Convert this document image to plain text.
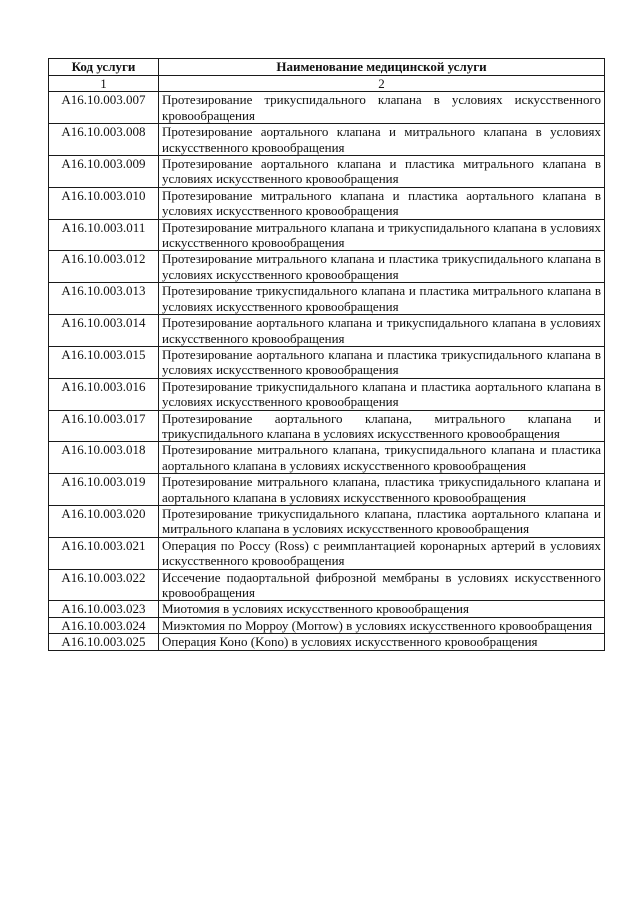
Код услуги	Наименование медицинской услуги
1	2
A16.10.003.007	Протезирование трикуспидального клапана в условиях искусственного кровообращения
A16.10.003.008	Протезирование аортального клапана и митрального клапана в условиях искусственного кровообращения
A16.10.003.009	Протезирование аортального клапана и пластика митрального клапана в условиях искусственного кровообращения
A16.10.003.010	Протезирование митрального клапана и пластика аортального клапана в условиях искусственного кровообращения
A16.10.003.011	Протезирование митрального клапана и трикуспидального клапана в условиях искусственного кровообращения
A16.10.003.012	Протезирование митрального клапана и пластика трикуспидального клапана в условиях искусственного кровообращения
A16.10.003.013	Протезирование трикуспидального клапана и пластика митрального клапана в условиях искусственного кровообращения
A16.10.003.014	Протезирование аортального клапана и трикуспидального клапана в условиях искусственного кровообращения
A16.10.003.015	Протезирование аортального клапана и пластика трикуспидального клапана в условиях искусственного кровообращения
A16.10.003.016	Протезирование трикуспидального клапана и пластика аортального клапана в условиях искусственного кровообращения
A16.10.003.017	Протезирование аортального клапана, митрального клапана и трикуспидального клапана в условиях искусственного кровообращения
A16.10.003.018	Протезирование митрального клапана, трикуспидального клапана и пластика аортального клапана в условиях искусственного кровообращения
A16.10.003.019	Протезирование митрального клапана, пластика трикуспидального клапана и аортального клапана в условиях искусственного кровообращения
A16.10.003.020	Протезирование трикуспидального клапана, пластика аортального клапана и митрального клапана в условиях искусственного кровообращения
A16.10.003.021	Операция по Россу (Ross) с реимплантацией коронарных артерий в условиях искусственного кровообращения
A16.10.003.022	Иссечение подаортальной фиброзной мембраны в условиях искусственного кровообращения
A16.10.003.023	Миотомия в условиях искусственного кровообращения
A16.10.003.024	Миэктомия по Морроу (Morrow) в условиях искусственного кровообращения
A16.10.003.025	Операция Коно (Kono) в условиях искусственного кровообращения
